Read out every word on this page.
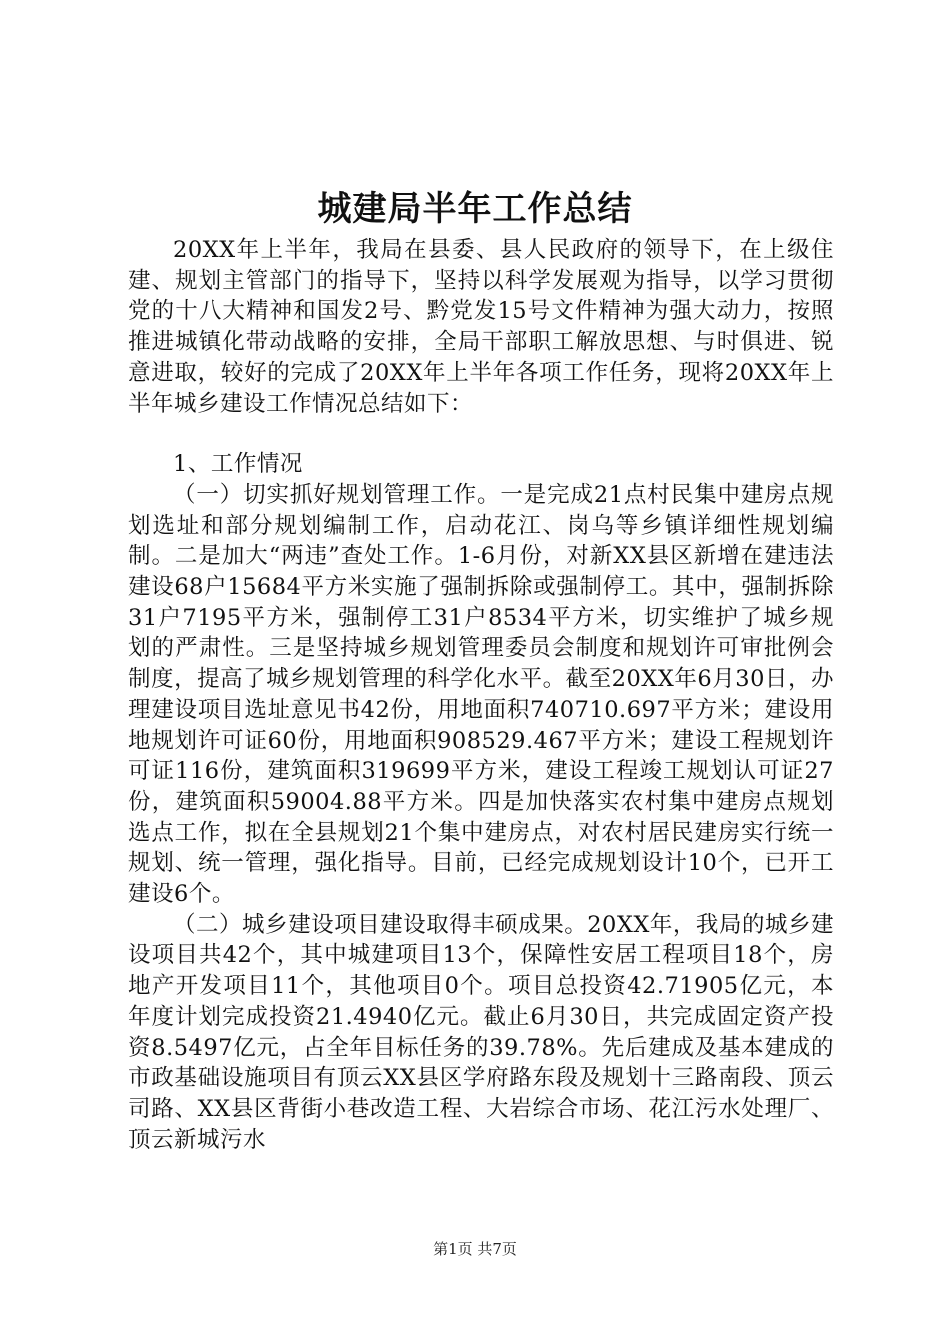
城建局半年工作总结

20XX年上半年，我局在县委、县人民政府的领导下，在上级住建、规划主管部门的指导下，坚持以科学发展观为指导，以学习贯彻党的十八大精神和国发2号、黔党发15号文件精神为强大动力，按照推进城镇化带动战略的安排，全局干部职工解放思想、与时俱进、锐意进取，较好的完成了20XX年上半年各项工作任务，现将20XX年上半年城乡建设工作情况总结如下：

1、工作情况

（一）切实抓好规划管理工作。一是完成21点村民集中建房点规划选址和部分规划编制工作，启动花江、岗乌等乡镇详细性规划编制。二是加大“两违”查处工作。1-6月份，对新XX县区新增在建违法建设68户15684平方米实施了强制拆除或强制停工。其中，强制拆除31户7195平方米，强制停工31户8534平方米，切实维护了城乡规划的严肃性。三是坚持城乡规划管理委员会制度和规划许可审批例会制度，提高了城乡规划管理的科学化水平。截至20XX年6月30日，办理建设项目选址意见书42份，用地面积740710.697平方米；建设用地规划许可证60份，用地面积908529.467平方米；建设工程规划许可证116份，建筑面积319699平方米，建设工程竣工规划认可证27份，建筑面积59004.88平方米。四是加快落实农村集中建房点规划选点工作，拟在全县规划21个集中建房点，对农村居民建房实行统一规划、统一管理，强化指导。目前，已经完成规划设计10个，已开工建设6个。

（二）城乡建设项目建设取得丰硕成果。20XX年，我局的城乡建设项目共42个，其中城建项目13个，保障性安居工程项目18个，房地产开发项目11个，其他项目0个。项目总投资42.71905亿元，本年度计划完成投资21.4940亿元。截止6月30日，共完成固定资产投资8.5497亿元，占全年目标任务的39.78%。先后建成及基本建成的市政基础设施项目有顶云XX县区学府路东段及规划十三路南段、顶云司路、XX县区背街小巷改造工程、大岩综合市场、花江污水处理厂、顶云新城污水

第1页 共7页
